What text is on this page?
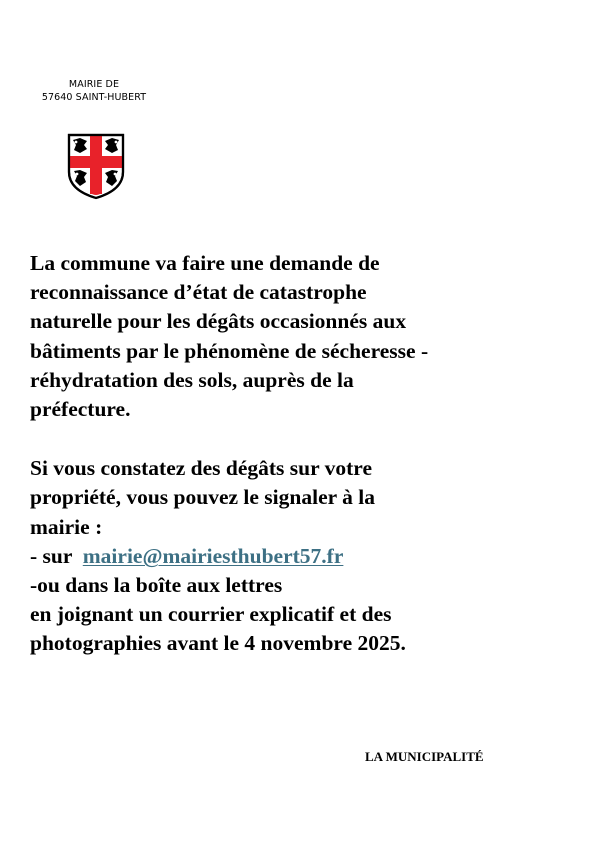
MAIRIE DE
57640 SAINT-HUBERT
La commune va faire une demande de
reconnaissance d’état de catastrophe
naturelle pour les dégâts occasionnés aux
bâtiments par le phénomène de sécheresse -
réhydratation des sols, auprès de la
préfecture.
Si vous constatez des dégâts sur votre
propriété, vous pouvez le signaler à la
mairie :
- sur  mairie@mairiesthubert57.fr
-ou dans la boîte aux lettres
en joignant un courrier explicatif et des
photographies avant le 4 novembre 2025.
LA MUNICIPALITÉ
